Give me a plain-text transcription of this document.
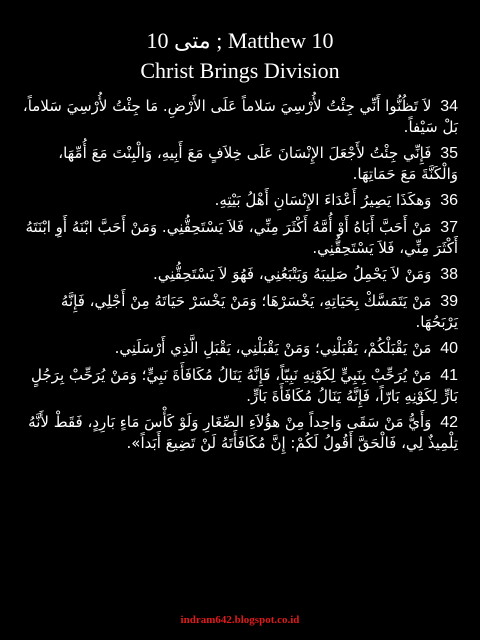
10 متى ; Matthew 10
Christ Brings Division

34 لاَ تَظُنُّوا أَنِّي جِئْتُ لأُرْسِيَ سَلاماً عَلَى الأَرْضِ. مَا جِئْتُ لأُرْسِيَ سَلاماً، بَلْ سَيْفاً.

35 فَإِنِّي جِئْتُ لأَجْعَلَ الإِنْسَانَ عَلَى خِلاَفٍ مَعَ أَبِيهِ، وَالْبِنْتَ مَعَ أُمِّهَا، وَالْكَنَّةَ مَعَ حَمَاتِهَا.

36 وَهكَذَا يَصِيرُ أَعْدَاءَ الإِنْسَانِ أَهْلُ بَيْتِهِ.

37 مَنْ أَحَبَّ أَبَاهُ أَوْ أُمَّهُ أَكْثَرَ مِنِّي، فَلاَ يَسْتَحِقُّنِي. وَمَنْ أَحَبَّ ابْنَهُ أَوِ ابْنَتَهُ أَكْثَرَ مِنِّي، فَلاَ يَسْتَحِقُّنِي.

38 وَمَنْ لاَ يَحْمِلُ صَلِيبَهُ وَيَتْبَعُنِي، فَهُوَ لاَ يَسْتَحِقُّنِي.

39 مَنْ يَتَمَسَّكْ بِحَيَاتِهِ، يَخْسَرْهَا؛ وَمَنْ يَخْسَرْ حَيَاتَهُ مِنْ أَجْلِي، فَإِنَّهُ يَرْبَحُهَا.

40 مَنْ يَقْبَلْكُمْ، يَقْبَلْنِي؛ وَمَنْ يَقْبَلْنِي، يَقْبَلِ الَّذِي أَرْسَلَنِي.

41 مَنْ يُرَحِّبْ بِنَبِيٍّ لِكَوْنِهِ نَبِيّاً، فَإِنَّهُ يَنَالُ مُكَافَأَةَ نَبِيٍّ؛ وَمَنْ يُرَحِّبْ بِرَجُلٍ بَارٍّ لِكَوْنِهِ بَارّاً، فَإِنَّهُ يَنَالُ مُكَافَأَةَ بَارٍّ.

42 وَأَيُّ مَنْ سَقَى وَاحِداً مِنْ هؤُلاَءِ الصِّغَارِ وَلَوْ كَأْسَ مَاءٍ بَارِدٍ، فَقَطْ لأَنَّهُ تِلْمِيذٌ لِي، فَالْحَقَّ أَقُولُ لَكُمْ: إِنَّ مُكَافَأَتَهُ لَنْ تَضِيعَ أَبَداً».

indram642.blogspot.co.id
